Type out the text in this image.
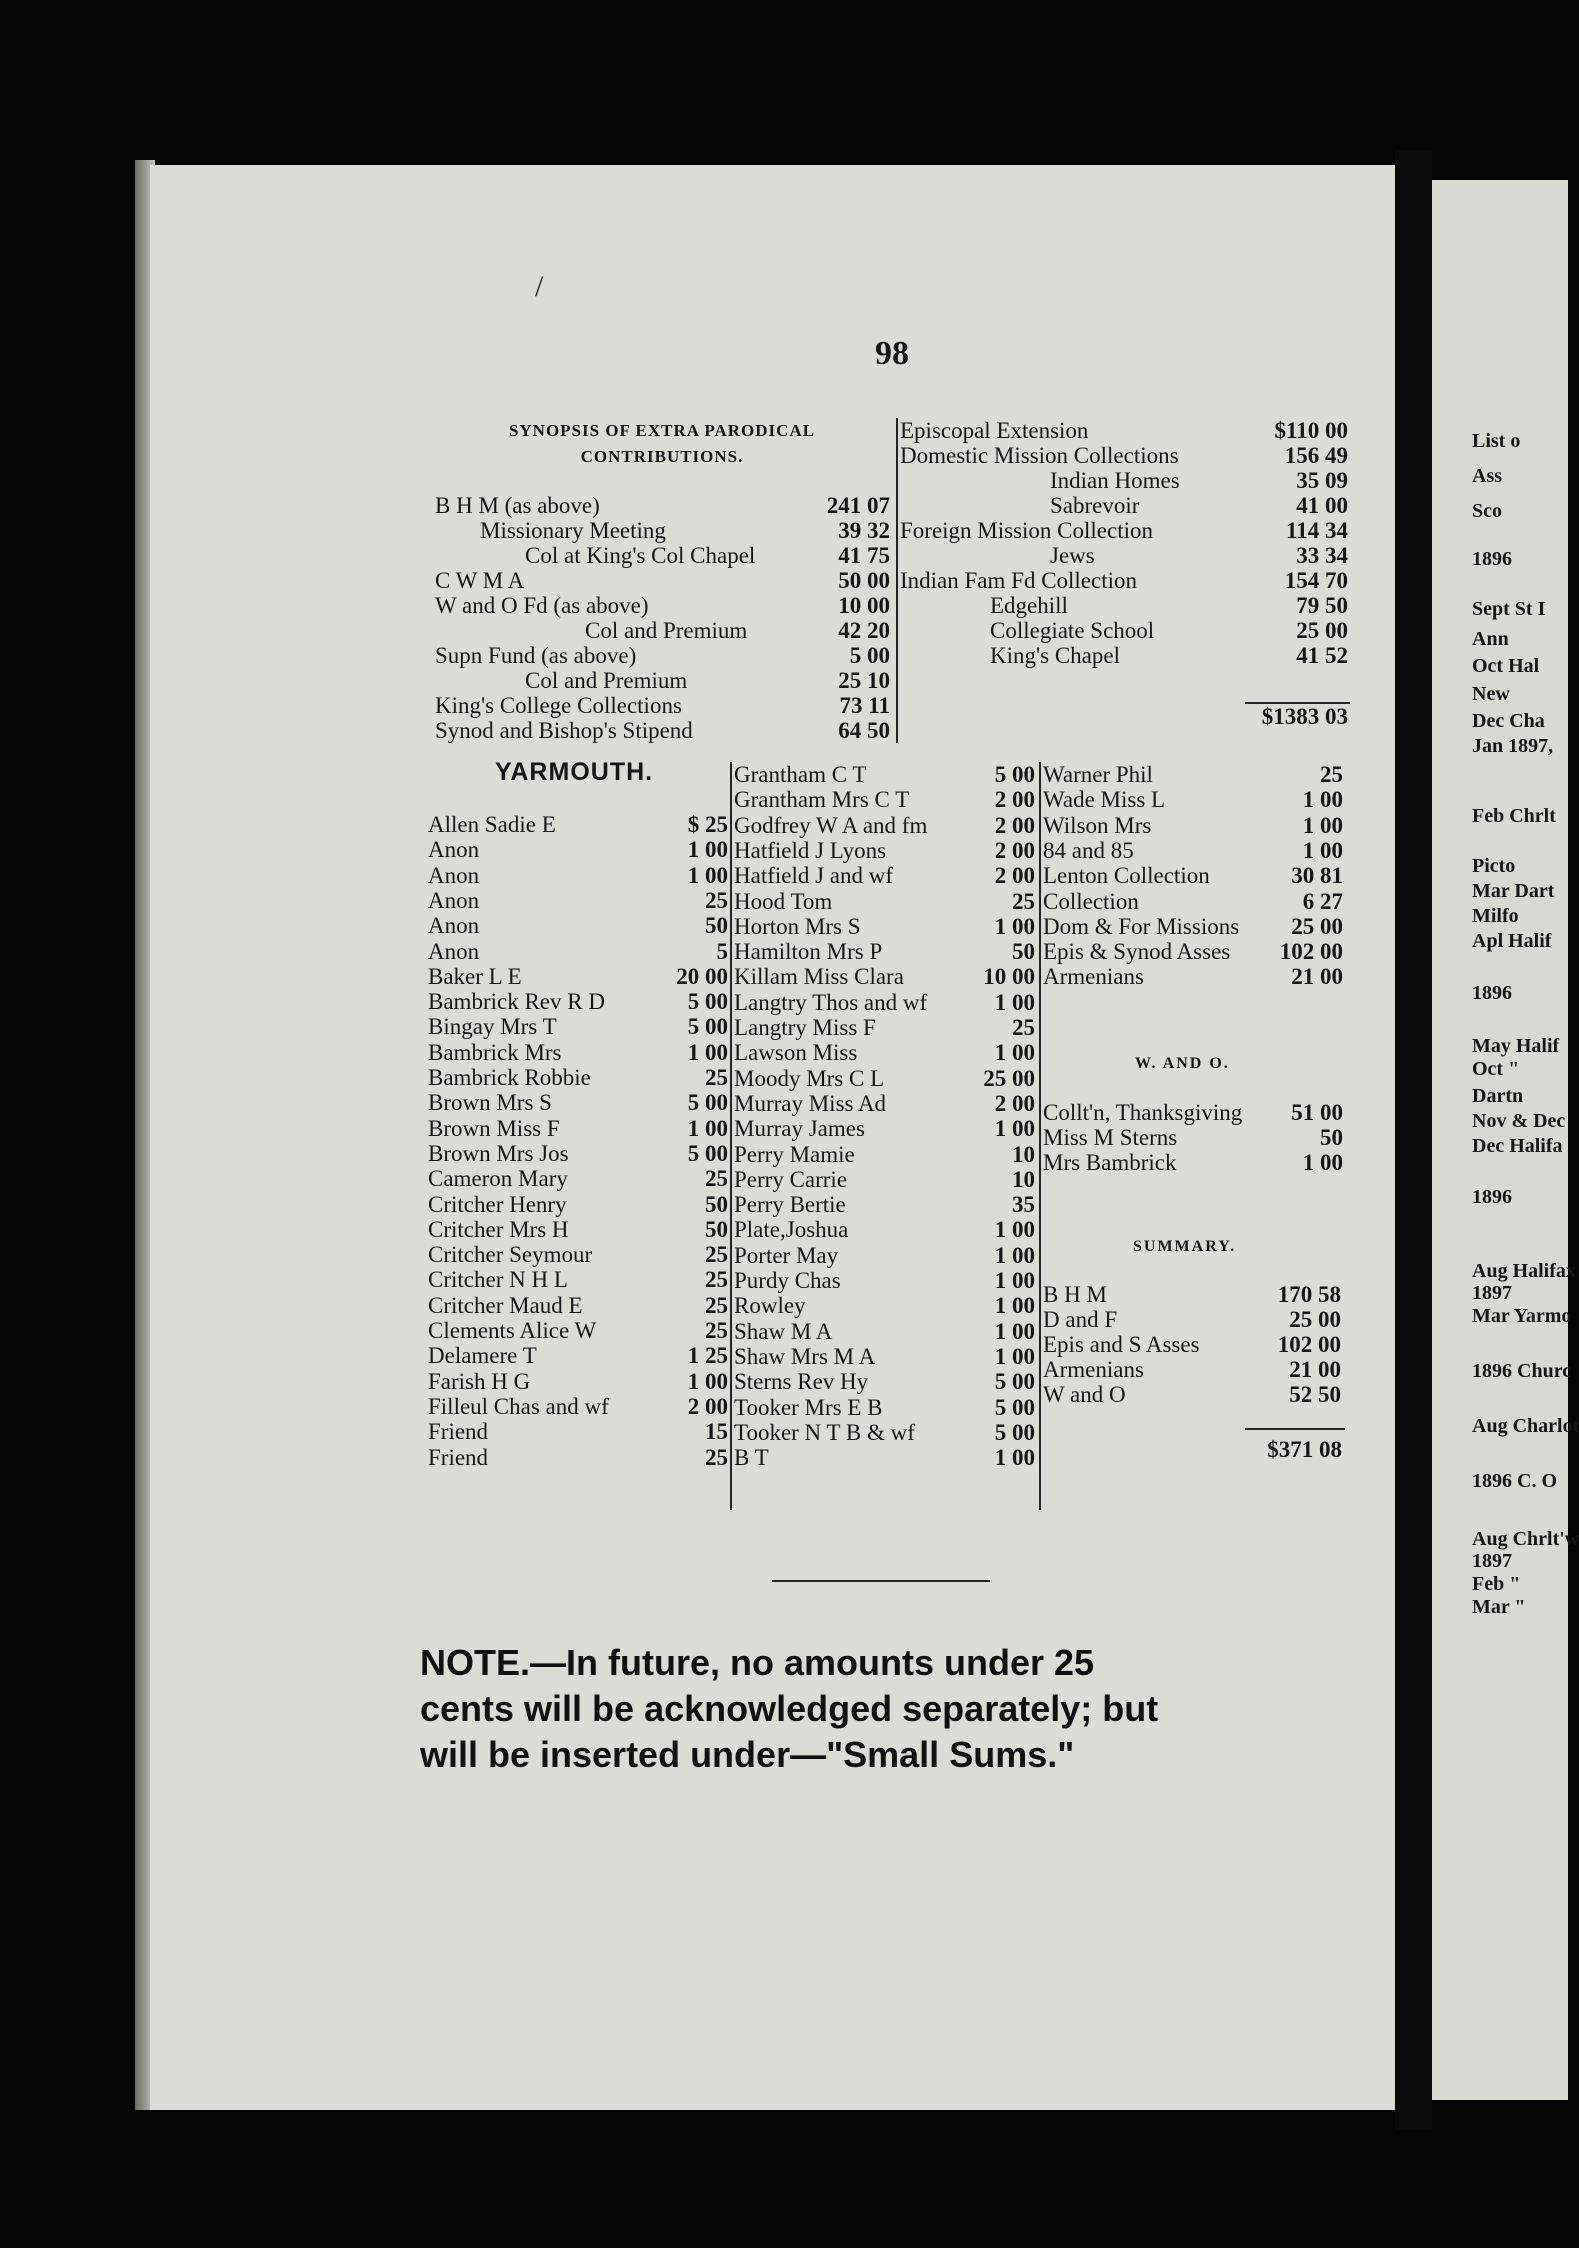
/
98
SYNOPSIS OF EXTRA PARODICAL CONTRIBUTIONS.
B H M (as above)	241 07
Missionary Meeting	39 32
Col at King's Col Chapel	41 75
C W M A	50 00
W and O Fd (as above)	10 00
Col and Premium	42 20
Supn Fund (as above)	5 00
Col and Premium	25 10
King's College Collections	73 11
Synod and Bishop's Stipend	64 50
Episcopal Extension	$110 00
Domestic Mission Collections	156 49
Indian Homes	35 09
Sabrevoir	41 00
Foreign Mission Collection	114 34
Jews	33 34
Indian Fam Fd Collection	154 70
Edgehill	79 50
Collegiate School	25 00
King's Chapel	41 52
$1383 03
YARMOUTH.
Allen Sadie E	$ 25
Anon	1 00
Anon	1 00
Anon	25
Anon	50
Anon	5
Baker L E	20 00
Bambrick Rev R D	5 00
Bingay Mrs T	5 00
Bambrick Mrs	1 00
Bambrick Robbie	25
Brown Mrs S	5 00
Brown Miss F	1 00
Brown Mrs Jos	5 00
Cameron Mary	25
Critcher Henry	50
Critcher Mrs H	50
Critcher Seymour	25
Critcher N H L	25
Critcher Maud E	25
Clements Alice W	25
Delamere T	1 25
Farish H G	1 00
Filleul Chas and wf	2 00
Friend	15
Friend	25
Grantham C T	5 00
Grantham Mrs C T	2 00
Godfrey W A and fm	2 00
Hatfield J Lyons	2 00
Hatfield J and wf	2 00
Hood Tom	25
Horton Mrs S	1 00
Hamilton Mrs P	50
Killam Miss Clara	10 00
Langtry Thos and wf	1 00
Langtry Miss F	25
Lawson Miss	1 00
Moody Mrs C L	25 00
Murray Miss Ad	2 00
Murray James	1 00
Perry Mamie	10
Perry Carrie	10
Perry Bertie	35
Plate,Joshua	1 00
Porter May	1 00
Purdy Chas	1 00
Rowley	1 00
Shaw M A	1 00
Shaw Mrs M A	1 00
Sterns Rev Hy	5 00
Tooker Mrs E B	5 00
Tooker N T B & wf	5 00
B T	1 00
Warner Phil	25
Wade Miss L	1 00
Wilson Mrs	1 00
84 and 85	1 00
Lenton Collection	30 81
Collection	6 27
Dom & For Missions	25 00
Epis & Synod Asses	102 00
Armenians	21 00
W. AND O.
Collt'n, Thanksgiving	51 00
Miss M Sterns	50
Mrs Bambrick	1 00
SUMMARY.
B H M	170 58
D and F	25 00
Epis and S Asses	102 00
Armenians	21 00
W and O	52 50
$371 08
NOTE.—In future, no amounts under 25
cents will be acknowledged separately; but
will be inserted under—"Small Sums."
List o
Ass
Sco
1896
Sept St I
Ann
Oct Hal
New
Dec Cha
Jan 1897,
Feb Chrlt
Picto
Mar Dart
Milfo
Apl Halif
1896
May Halif
Oct "
Dartn
Nov & Dec
Dec Halifa
1896
Aug Halifax
1897
Mar Yarmo
1896 Churc
Aug Charlot
1896 C. O
Aug Chrlt'w
1897
Feb "
Mar "
